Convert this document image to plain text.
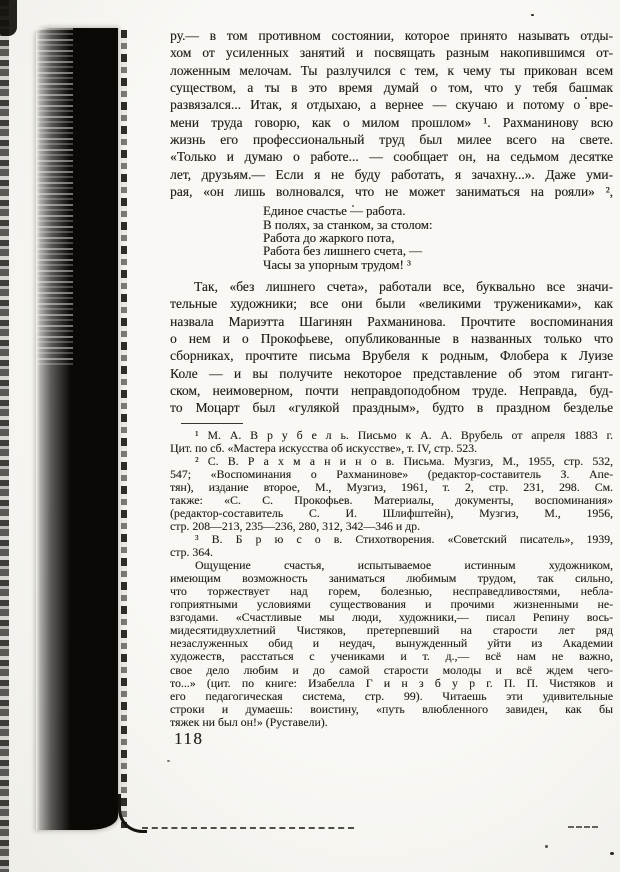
ру.— в том противном состоянии, которое принято называть отды-
хом от усиленных занятий и посвящать разным накопившимся от-
ложенным мелочам. Ты разлучился с тем, к чему ты прикован всем
существом, а ты в это время думай о том, что у тебя башмак
развязался... Итак, я отдыхаю, а вернее — скучаю и потому о вре-
мени труда говорю, как о милом прошлом» ¹. Рахманинову всю
жизнь его профессиональный труд был милее всего на свете.
«Только и думаю о работе... — сообщает он, на седьмом десятке
лет, друзьям.— Если я не буду работать, я зачахну...». Даже уми-
рая, «он лишь волновался, что не может заниматься на рояли» ²,
Единое счастье — работа.
В полях, за станком, за столом:
Работа до жаркого пота,
Работа без лишнего счета, —
Часы за упорным трудом! ³
Так, «без лишнего счета», работали все, буквально все значи-
тельные художники; все они были «великими тружениками», как
назвала Мариэтта Шагинян Рахманинова. Прочтите воспоминания
о нем и о Прокофьеве, опубликованные в названных только что
сборниках, прочтите письма Врубеля к родным, Флобера к Луизе
Коле — и вы получите некоторое представление об этом гигант-
ском, неимоверном, почти неправдоподобном труде. Неправда, буд-
то Моцарт был «гулякой праздным», будто в праздном безделье
¹ М. А. В р у б е л ь. Письмо к А. А. Врубель от апреля 1883 г.
Цит. по сб. «Мастера искусства об искусстве», т. IV, стр. 523.
² С. В. Р а х м а н и н о в. Письма. Музгиз, М., 1955, стр. 532,
547; «Воспоминания о Рахманинове» (редактор-составитель З. Апе-
тян), издание второе, М., Музгиз, 1961, т. 2, стр. 231, 298. См.
также: «С. С. Прокофьев. Материалы, документы, воспоминания»
(редактор-составитель С. И. Шлифштейн), Музгиз, М., 1956,
стр. 208—213, 235—236, 280, 312, 342—346 и др.
³ В. Б р ю с о в. Стихотворения. «Советский писатель», 1939,
стр. 364.
Ощущение счастья, испытываемое истинным художником,
имеющим возможность заниматься любимым трудом, так сильно,
что торжествует над горем, болезнью, несправедливостями, небла-
гоприятными условиями существования и прочими жизненными не-
взгодами. «Счастливые мы люди, художники,— писал Репину вось-
мидесятидвухлетний Чистяков, претерпевший на старости лет ряд
незаслуженных обид и неудач, вынужденный уйти из Академии
художеств, расстаться с учениками и т. д.,— всё нам не важно,
свое дело любим и до самой старости молоды и всё ждем чего-
то...» (цит. по книге: Изабелла Г и н з б у р г. П. П. Чистяков и
его педагогическая система, стр. 99). Читаешь эти удивительные
строки и думаешь: воистину, «путь влюбленного завиден, как бы
тяжек ни был он!» (Руставели).
118
